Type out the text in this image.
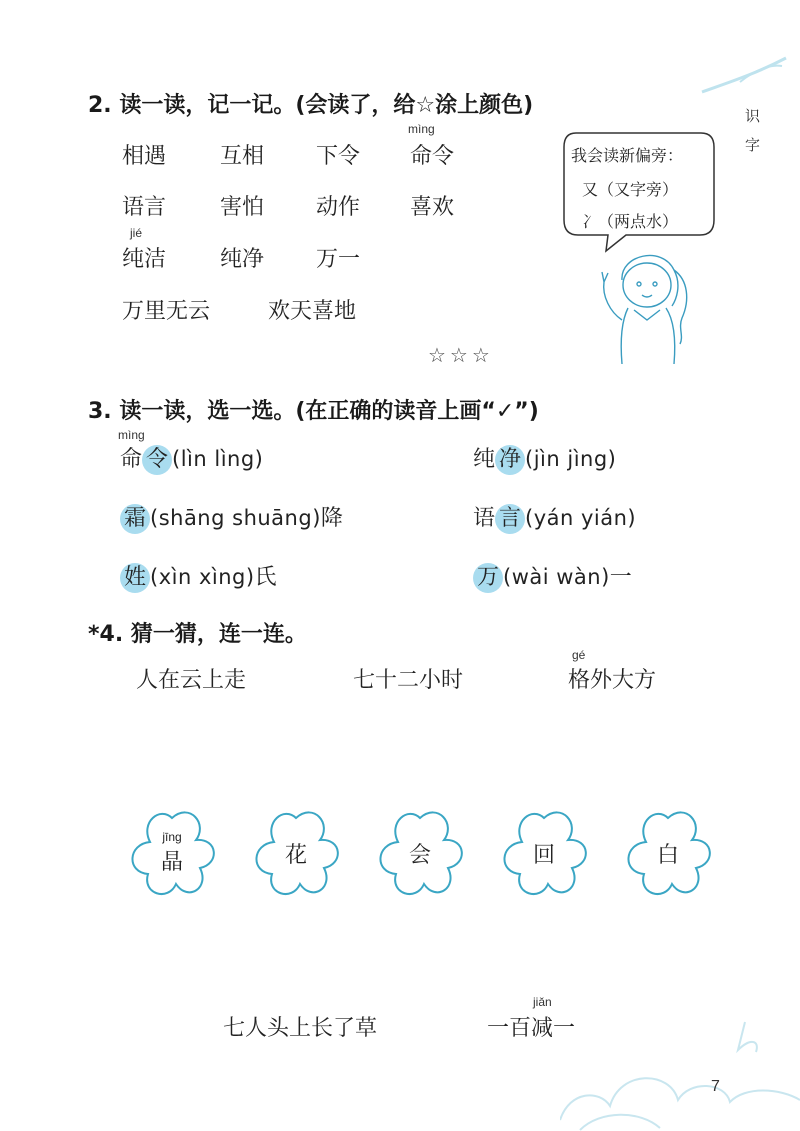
识
字
2. 读一读，记一记。(会读了，给☆涂上颜色)
mìng
jié
相遇 互相 下令 命令
语言 害怕 动作 喜欢
纯洁 纯净 万一
万里无云	欢天喜地
☆☆☆
我会读新偏旁：
又（又字旁）
冫（两点水）
3. 读一读，选一选。(在正确的读音上画“✓”)
mìng
命 令 (lìn lìng)	纯 净 (jìn jìng)
霜 (shāng shuāng)降	语 言 (yán yián)
姓 (xìn xìng)氏	万 (wài wàn)一
*4. 猜一猜，连一连。
人在云上走	七十二小时
gé
格外大方
jīng
晶	花	会	回	白
七人头上长了草
jiǎn
一百减一
7
